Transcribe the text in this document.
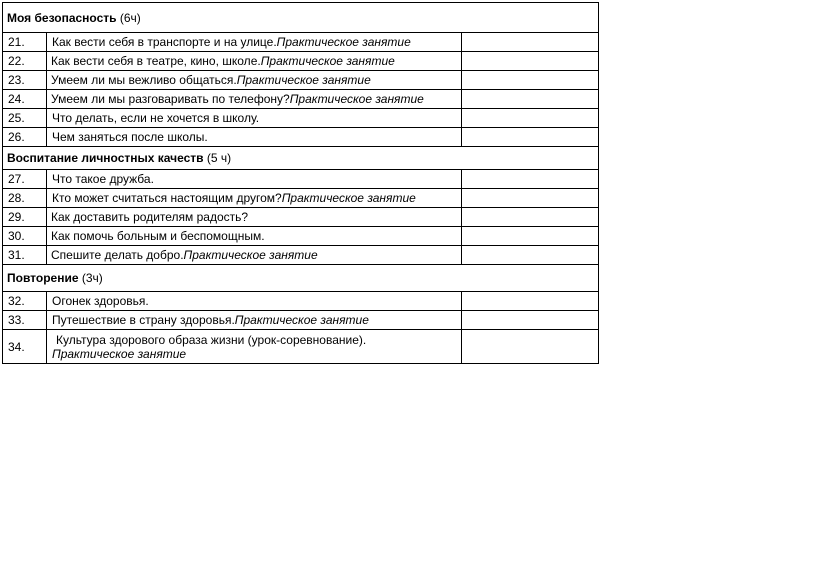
Моя безопасность (6ч)
21.	Как вести себя в транспорте и на улице. Практическое занятие
22.	Как вести себя в театре, кино, школе. Практическое занятие
23.	Умеем ли мы вежливо общаться. Практическое занятие
24.	Умеем ли мы разговаривать по телефону? Практическое занятие
25.	Что делать, если не хочется в школу.
26.	Чем заняться после школы.
Воспитание личностных качеств (5 ч)
27.	Что такое дружба.
28.	Кто может считаться настоящим другом? Практическое занятие
29.	Как доставить родителям радость?
30.	Как помочь больным и беспомощным.
31.	Спешите делать добро. Практическое занятие
Повторение (3ч)
32.	Огонек здоровья.
33.	Путешествие в страну здоровья. Практическое занятие
34.	Культура здорового образа жизни (урок-соревнование).
Практическое занятие
